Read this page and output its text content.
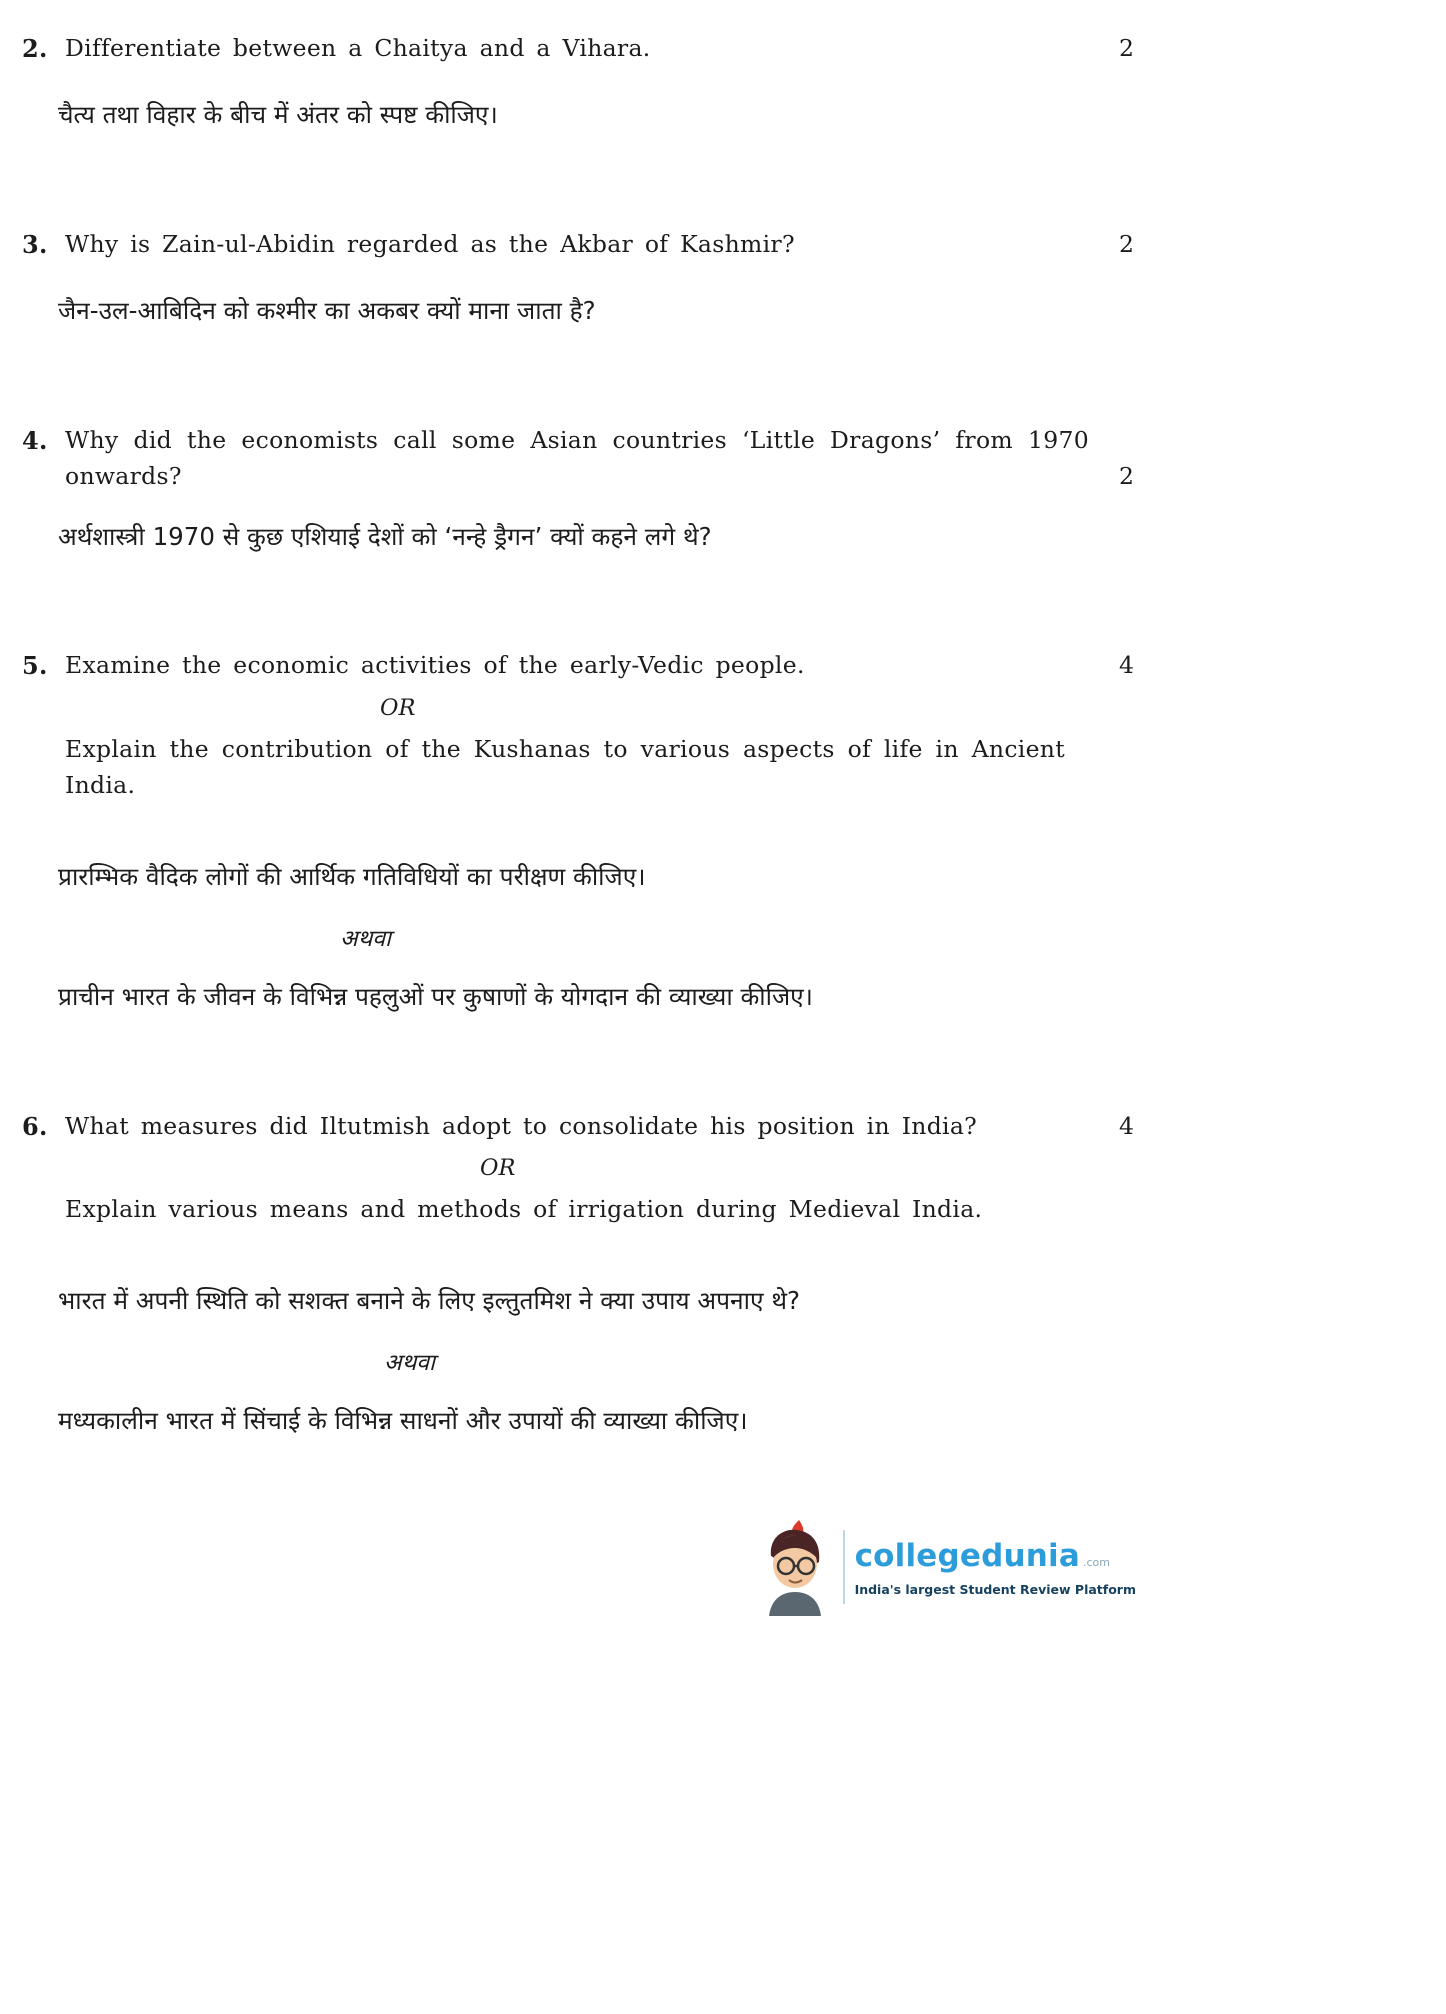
2. Differentiate between a Chaitya and a Vihara.	2

चैत्य तथा विहार के बीच में अंतर को स्पष्ट कीजिए।

3. Why is Zain-ul-Abidin regarded as the Akbar of Kashmir?	2

जैन-उल-आबिदिन को कश्मीर का अकबर क्यों माना जाता है?

4. Why did the economists call some Asian countries ‘Little Dragons’ from 1970 onwards?	2

अर्थशास्त्री 1970 से कुछ एशियाई देशों को ‘नन्हे ड्रैगन’ क्यों कहने लगे थे?

5. Examine the economic activities of the early-Vedic people.	4
OR

Explain the contribution of the Kushanas to various aspects of life in Ancient India.

प्रारम्भिक वैदिक लोगों की आर्थिक गतिविधियों का परीक्षण कीजिए।

अथवा

प्राचीन भारत के जीवन के विभिन्न पहलुओं पर कुषाणों के योगदान की व्याख्या कीजिए।

6. What measures did Iltutmish adopt to consolidate his position in India?	4
OR

Explain various means and methods of irrigation during Medieval India.

भारत में अपनी स्थिति को सशक्त बनाने के लिए इल्तुतमिश ने क्या उपाय अपनाए थे?

अथवा

मध्यकालीन भारत में सिंचाई के विभिन्न साधनों और उपायों की व्याख्या कीजिए।

collegedunia .com
India's largest Student Review Platform
